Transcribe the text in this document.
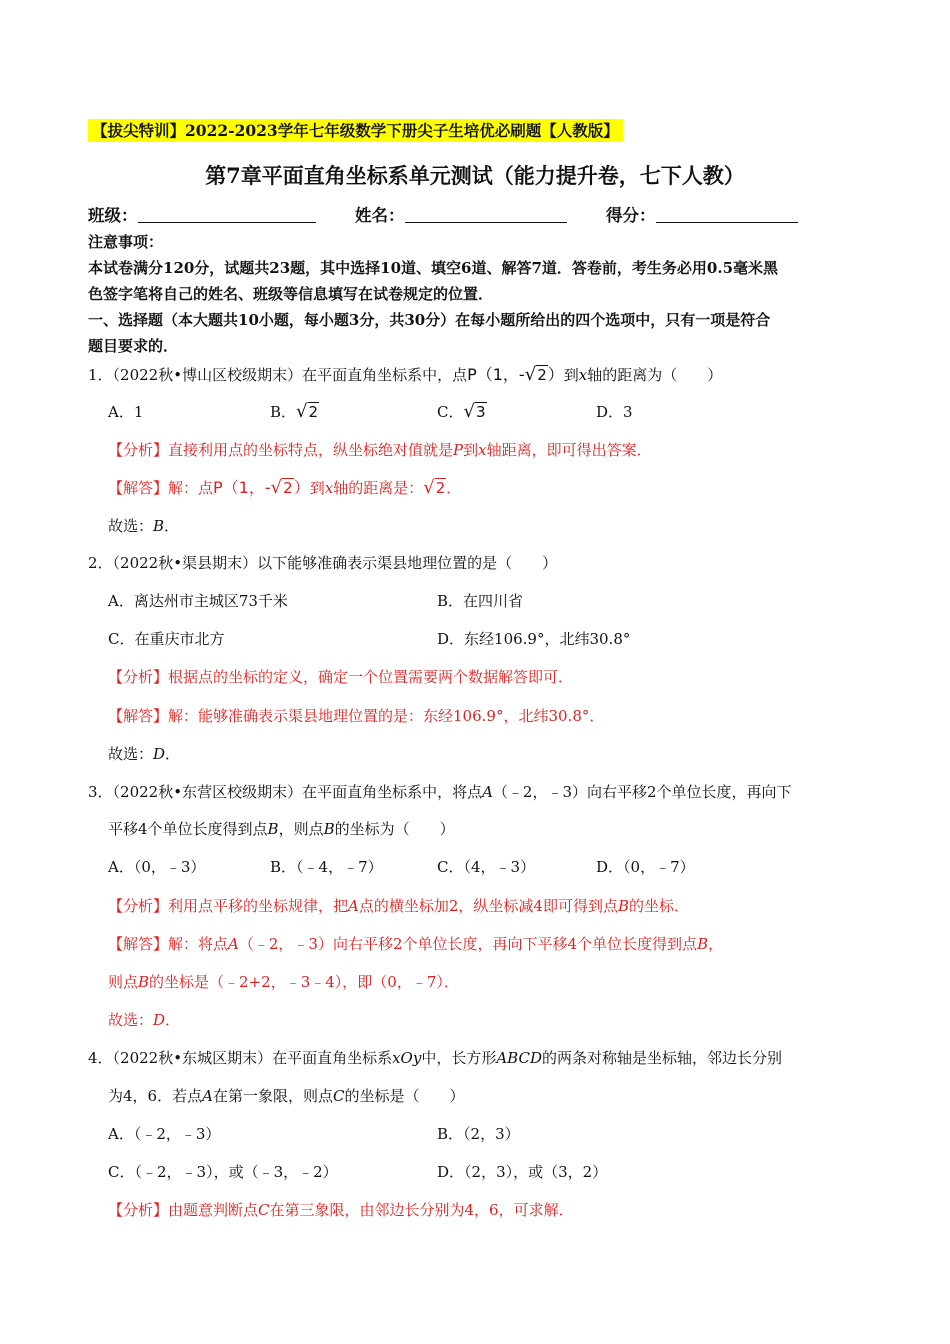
【拔尖特训】2022-2023学年七年级数学下册尖子生培优必刷题【人教版】
第7章平面直角坐标系单元测试（能力提升卷，七下人教）
班级：	姓名：	得分：
注意事项：
本试卷满分120分，试题共23题，其中选择10道、填空6道、解答7道．答卷前，考生务必用0.5毫米黑
色签字笔将自己的姓名、班级等信息填写在试卷规定的位置．
一、选择题（本大题共10小题，每小题3分，共30分）在每小题所给出的四个选项中，只有一项是符合
题目要求的．
1．（2022秋•博山区校级期末）在平面直角坐标系中，点P（1，-√2）到x轴的距离为（　　）
A．1	B．√2	C．√3	D．3
【分析】直接利用点的坐标特点，纵坐标绝对值就是P到x轴距离，即可得出答案．
【解答】解：点P（1，-√2）到x轴的距离是：√2．
故选：B．
2．（2022秋•渠县期末）以下能够准确表示渠县地理位置的是（　　）
A．离达州市主城区73千米	B．在四川省
C．在重庆市北方	D．东经106.9°，北纬30.8°
【分析】根据点的坐标的定义，确定一个位置需要两个数据解答即可．
【解答】解：能够准确表示渠县地理位置的是：东经106.9°，北纬30.8°．
故选：D．
3．（2022秋•东营区校级期末）在平面直角坐标系中，将点A（﹣2，﹣3）向右平移2个单位长度，再向下
平移4个单位长度得到点B，则点B的坐标为（　　）
A．（0，﹣3）	B．（﹣4，﹣7）	C．（4，﹣3）	D．（0，﹣7）
【分析】利用点平移的坐标规律，把A点的横坐标加2，纵坐标减4即可得到点B的坐标．
【解答】解：将点A（﹣2，﹣3）向右平移2个单位长度，再向下平移4个单位长度得到点B，
则点B的坐标是（﹣2+2，﹣3﹣4），即（0，﹣7）．
故选：D．
4．（2022秋•东城区期末）在平面直角坐标系xOy中，长方形ABCD的两条对称轴是坐标轴，邻边长分别
为4，6．若点A在第一象限，则点C的坐标是（　　）
A．（﹣2，﹣3）	B．（2，3）
C．（﹣2，﹣3），或（﹣3，﹣2）	D．（2，3），或（3，2）
【分析】由题意判断点C在第三象限，由邻边长分别为4，6，可求解．
